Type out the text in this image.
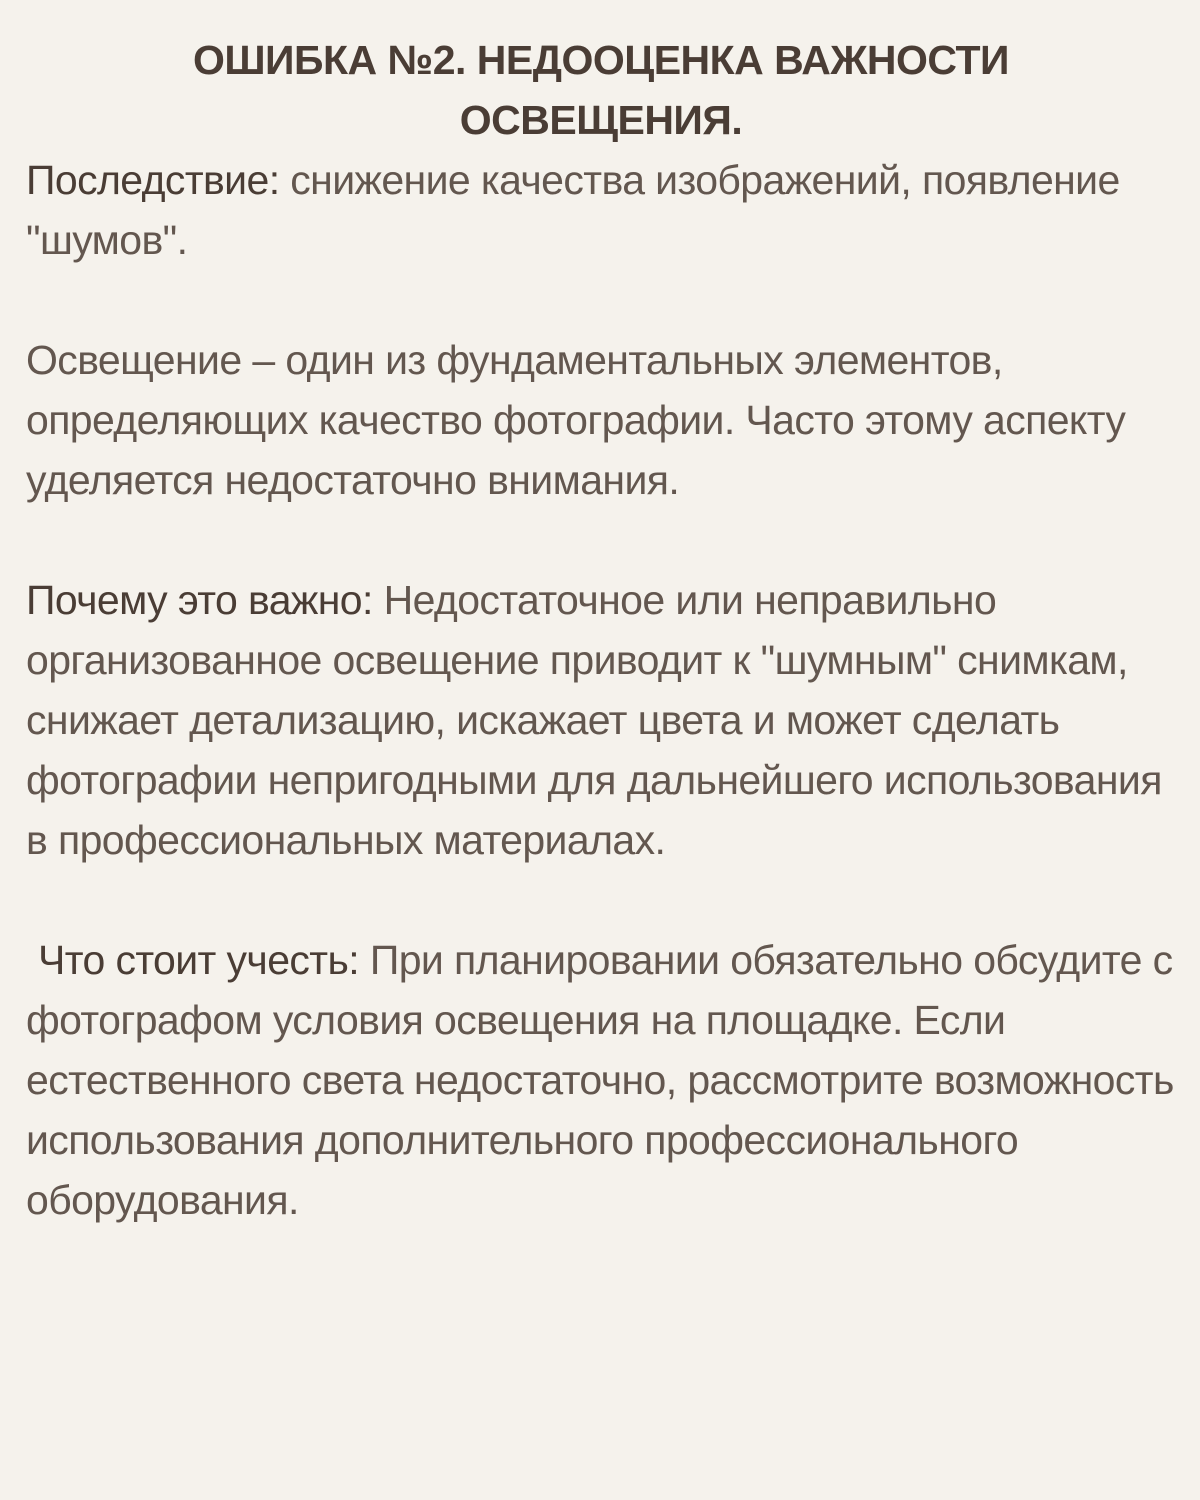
ОШИБКА №2. НЕДООЦЕНКА ВАЖНОСТИ
ОСВЕЩЕНИЯ.

Последствие: снижение качества изображений, появление "шумов".

Освещение – один из фундаментальных элементов, определяющих качество фотографии. Часто этому аспекту уделяется недостаточно внимания.

Почему это важно: Недостаточное или неправильно организованное освещение приводит к "шумным" снимкам, снижает детализацию, искажает цвета и может сделать фотографии непригодными для дальнейшего использования в профессиональных материалах.

Что стоит учесть: При планировании обязательно обсудите с фотографом условия освещения на площадке. Если естественного света недостаточно, рассмотрите возможность использования дополнительного профессионального оборудования.
